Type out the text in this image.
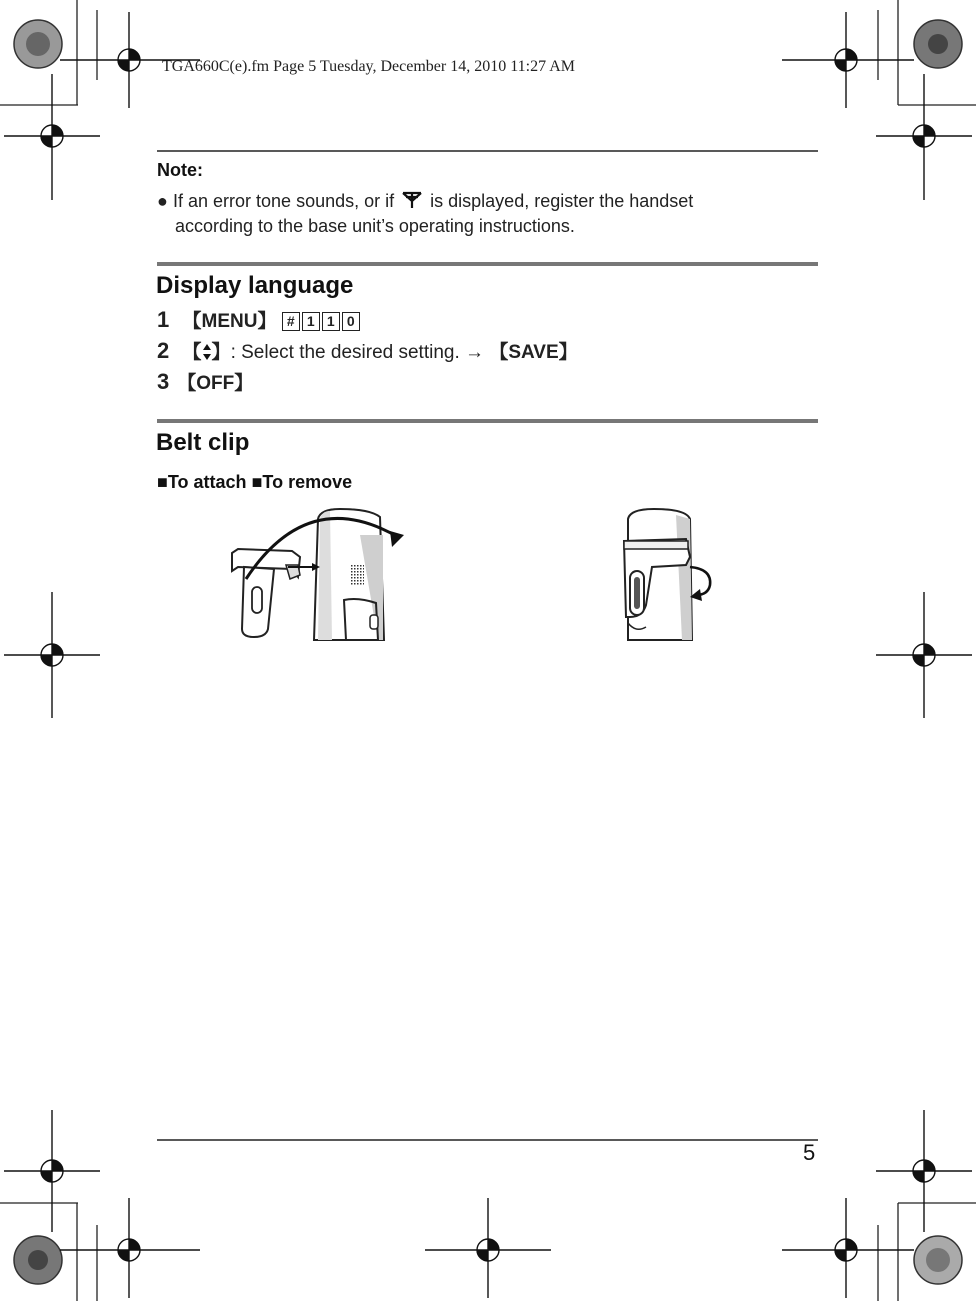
TGA660C(e).fm Page 5 Tuesday, December 14, 2010 11:27 AM
Note:
● If an error tone sounds, or if is displayed, register the handset
according to the base unit’s operating instructions.
Display language
1 【MENU】 # 1 1 0
2 【 】: Select the desired setting. → 【SAVE】
3 【OFF】
Belt clip
■To attach ■To remove
5
